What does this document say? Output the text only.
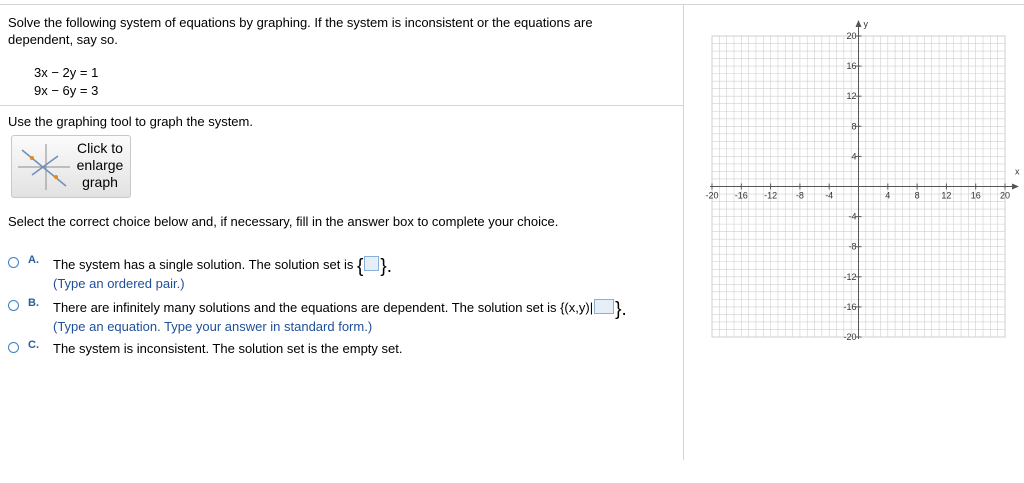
Solve the following system of equations by graphing. If the system is inconsistent or the equations are dependent, say so.
3x − 2y = 1
9x − 6y = 3
Use the graphing tool to graph the system.
Click to
enlarge
graph
Select the correct choice below and, if necessary, fill in the answer box to complete your choice.
A. The system has a single solution. The solution set is { }.
(Type an ordered pair.)
B. There are infinitely many solutions and the equations are dependent. The solution set is {(x,y)| }.
(Type an equation. Type your answer in standard form.)
C. The system is inconsistent. The solution set is the empty set.
x
y
-20 -16 -12 -8 -4	4	8 12 16 20
20
16
12
8
4
-4
-8
-12
-16
-20
